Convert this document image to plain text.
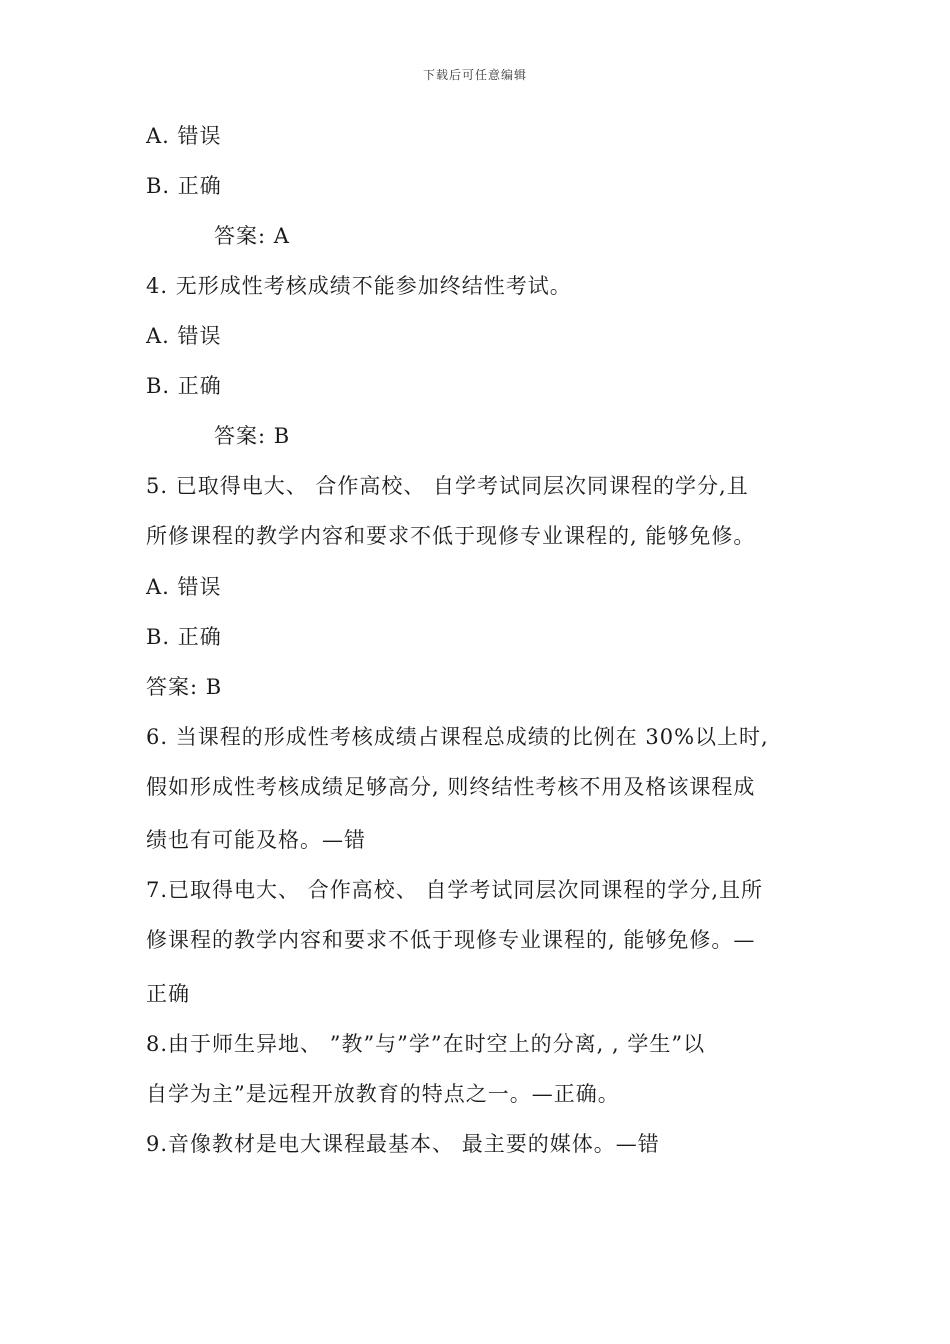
下载后可任意编辑
A. 错误
B. 正确
答案: A
4. 无形成性考核成绩不能参加终结性考试。
A. 错误
B. 正确
答案: B
5. 已取得电大、 合作高校、 自学考试同层次同课程的学分,且
所修课程的教学内容和要求不低于现修专业课程的, 能够免修。
A. 错误
B. 正确
答案: B
6. 当课程的形成性考核成绩占课程总成绩的比例在 30%以上时,
假如形成性考核成绩足够高分, 则终结性考核不用及格该课程成
绩也有可能及格。—错
7.已取得电大、 合作高校、 自学考试同层次同课程的学分,且所
修课程的教学内容和要求不低于现修专业课程的, 能够免修。—
正确
8.由于师生异地、 ”教”与”学”在时空上的分离, , 学生”以
自学为主”是远程开放教育的特点之一。—正确。
9.音像教材是电大课程最基本、 最主要的媒体。—错
